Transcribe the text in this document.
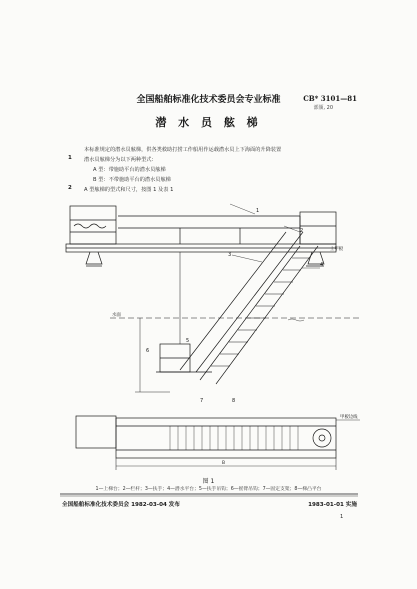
全国船舶标准化技术委员会专业标准	CB* 3101—81
部颁, 20
潜 水 员 舷 梯
本标准规定的潜水员舷梯，供各类救助打捞工作船用作运载潜水员上下海面的升降装置
1 潜水员舷梯分为以下两种型式：
A 型：带施助平台的潜水员舷梯
B 型：不带施助平台的潜水员舷梯
2 A 型舷梯的型式和尺寸，按图 1 及表 1
1
2
3
4
5
6
7	8
上甲板
水面
甲板边线
B
图 1
1—上梯台；2—栏杆；3—扶手；4—潜水平台；5—扶手吊钩；6—摇臂吊钩；7—固定支架；8—梯凸平台
全国船舶标准化技术委员会 1982-03-04 发布	1983-01-01 实施
1
